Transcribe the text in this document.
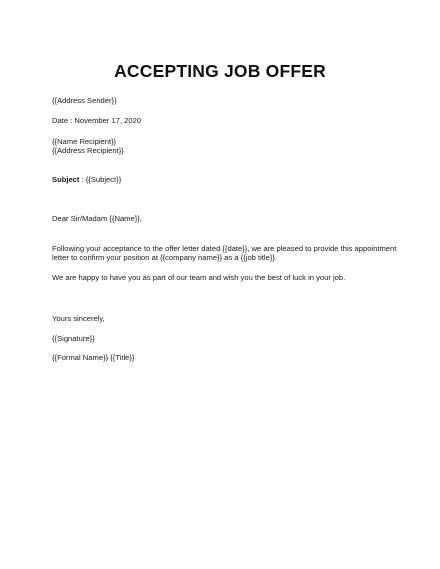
ACCEPTING JOB OFFER
{{Address Sender}}
Date : November 17, 2020
{{Name Recipient}}
{{Address Recipient}}
Subject : {{Subject}}
Dear Sir/Madam {{Name}},
Following your acceptance to the offer letter dated {{date}}, we are pleased to provide this appointment
letter to confirm your position at {{company name}} as a {{job title}}.
We are happy to have you as part of our team and wish you the best of luck in your job.
Yours sincerely,
{{Signature}}
{{Formal Name}} {{Title}}
